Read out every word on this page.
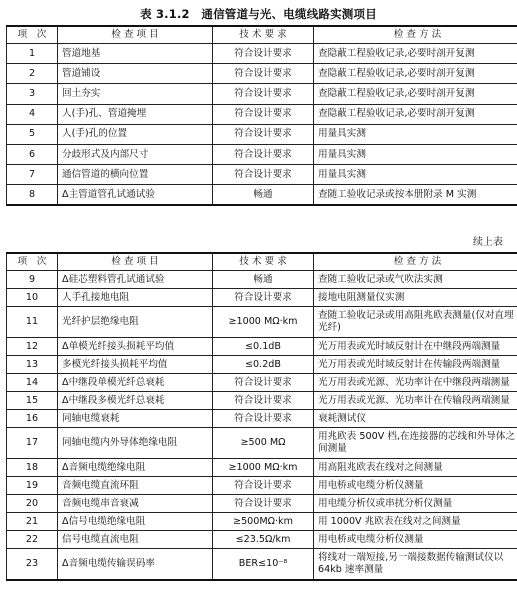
表 3.1.2　通信管道与光、电缆线路实测项目
项　次	检 查 项 目	技 术 要 求	检 查 方 法
1	管道地基	符合设计要求	查隐蔽工程验收记录,必要时剖开复测
2	管道铺设	符合设计要求	查隐蔽工程验收记录,必要时剖开复测
3	回土夯实	符合设计要求	查隐蔽工程验收记录,必要时剖开复测
4	人(手)孔、管道掩埋	符合设计要求	查隐蔽工程验收记录,必要时剖开复测
5	人(手)孔的位置	符合设计要求	用量具实测
6	分歧形式及内部尺寸	符合设计要求	用量具实测
7	通信管道的横向位置	符合设计要求	用量具实测
8	Δ主管道管孔试通试验	畅通	查随工验收记录或按本册附录 M 实测
续上表
项　次	检 查 项 目	技 术 要 求	检 查 方 法
9	Δ硅芯塑料管孔试通试验	畅通	查随工验收记录或气吹法实测
10	人手孔接地电阻	符合设计要求	接地电阻测量仪实测
11	光纤护层绝缘电阻	≥1000 MΩ·km	查随工验收记录或用高阻兆欧表测量(仅对直埋光纤)
12	Δ单模光纤接头损耗平均值	≤0.1dB	光万用表或光时域反射计在中继段两端测量
13	多模光纤接头损耗平均值	≤0.2dB	光万用表或光时域反射计在传输段两端测量
14	Δ中继段单模光纤总衰耗	符合设计要求	光万用表或光源、光功率计在中继段两端测量
15	Δ中继段多模光纤总衰耗	符合设计要求	光万用表或光源、光功率计在传输段两端测量
16	同轴电缆衰耗	符合设计要求	衰耗测试仪
17	同轴电缆内外导体绝缘电阻	≥500 MΩ	用兆欧表 500V 档,在连接器的芯线和外导体之间测量
18	Δ音频电缆绝缘电阻	≥1000 MΩ·km	用高阻兆欧表在线对之间测量
19	音频电缆直流环阻	符合设计要求	用电桥或电缆分析仪测量
20	音频电缆串音衰减	符合设计要求	用电缆分析仪或串扰分析仪测量
21	Δ信号电缆绝缘电阻	≥500MΩ·km	用 1000V 兆欧表在线对之间测量
22	信号电缆直流电阻	≤23.5Ω/km	用电桥或电缆分析仪测量
23	Δ音频电缆传输误码率	BER≤10⁻⁸	将线对一端短接,另一端接数据传输测试仪以 64kb 速率测量
